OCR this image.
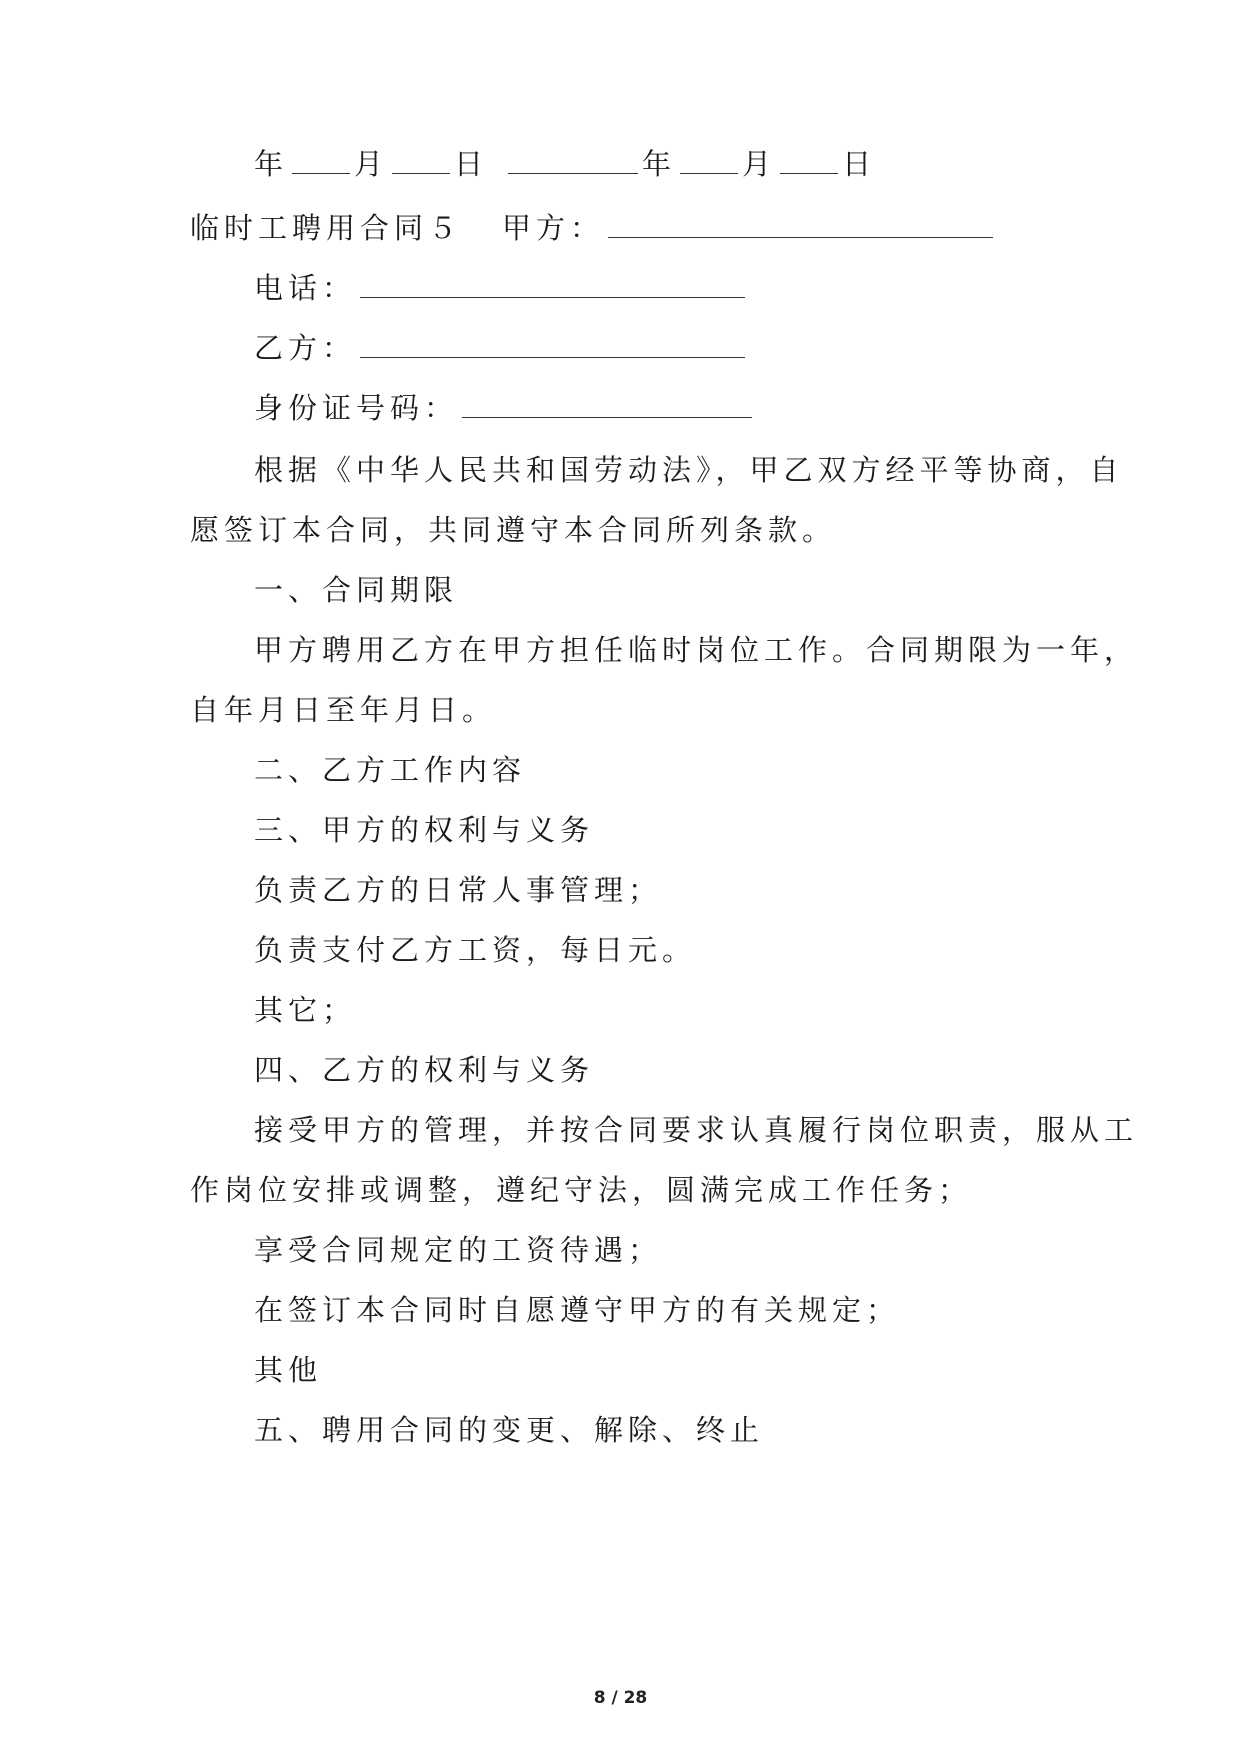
年 月 日	年 月 日
临时工聘用合同５ 甲方：
电话：
乙方：
身份证号码：
根据《中华人民共和国劳动法》，甲乙双方经平等协商，自
愿签订本合同，共同遵守本合同所列条款。
一、合同期限
甲方聘用乙方在甲方担任临时岗位工作。合同期限为一年，
自年月日至年月日。
二、乙方工作内容
三、甲方的权利与义务
负责乙方的日常人事管理；
负责支付乙方工资，每日元。
其它；
四、乙方的权利与义务
接受甲方的管理，并按合同要求认真履行岗位职责，服从工
作岗位安排或调整，遵纪守法，圆满完成工作任务；
享受合同规定的工资待遇；
在签订本合同时自愿遵守甲方的有关规定；
其他
五、聘用合同的变更、解除、终止
8 / 28
